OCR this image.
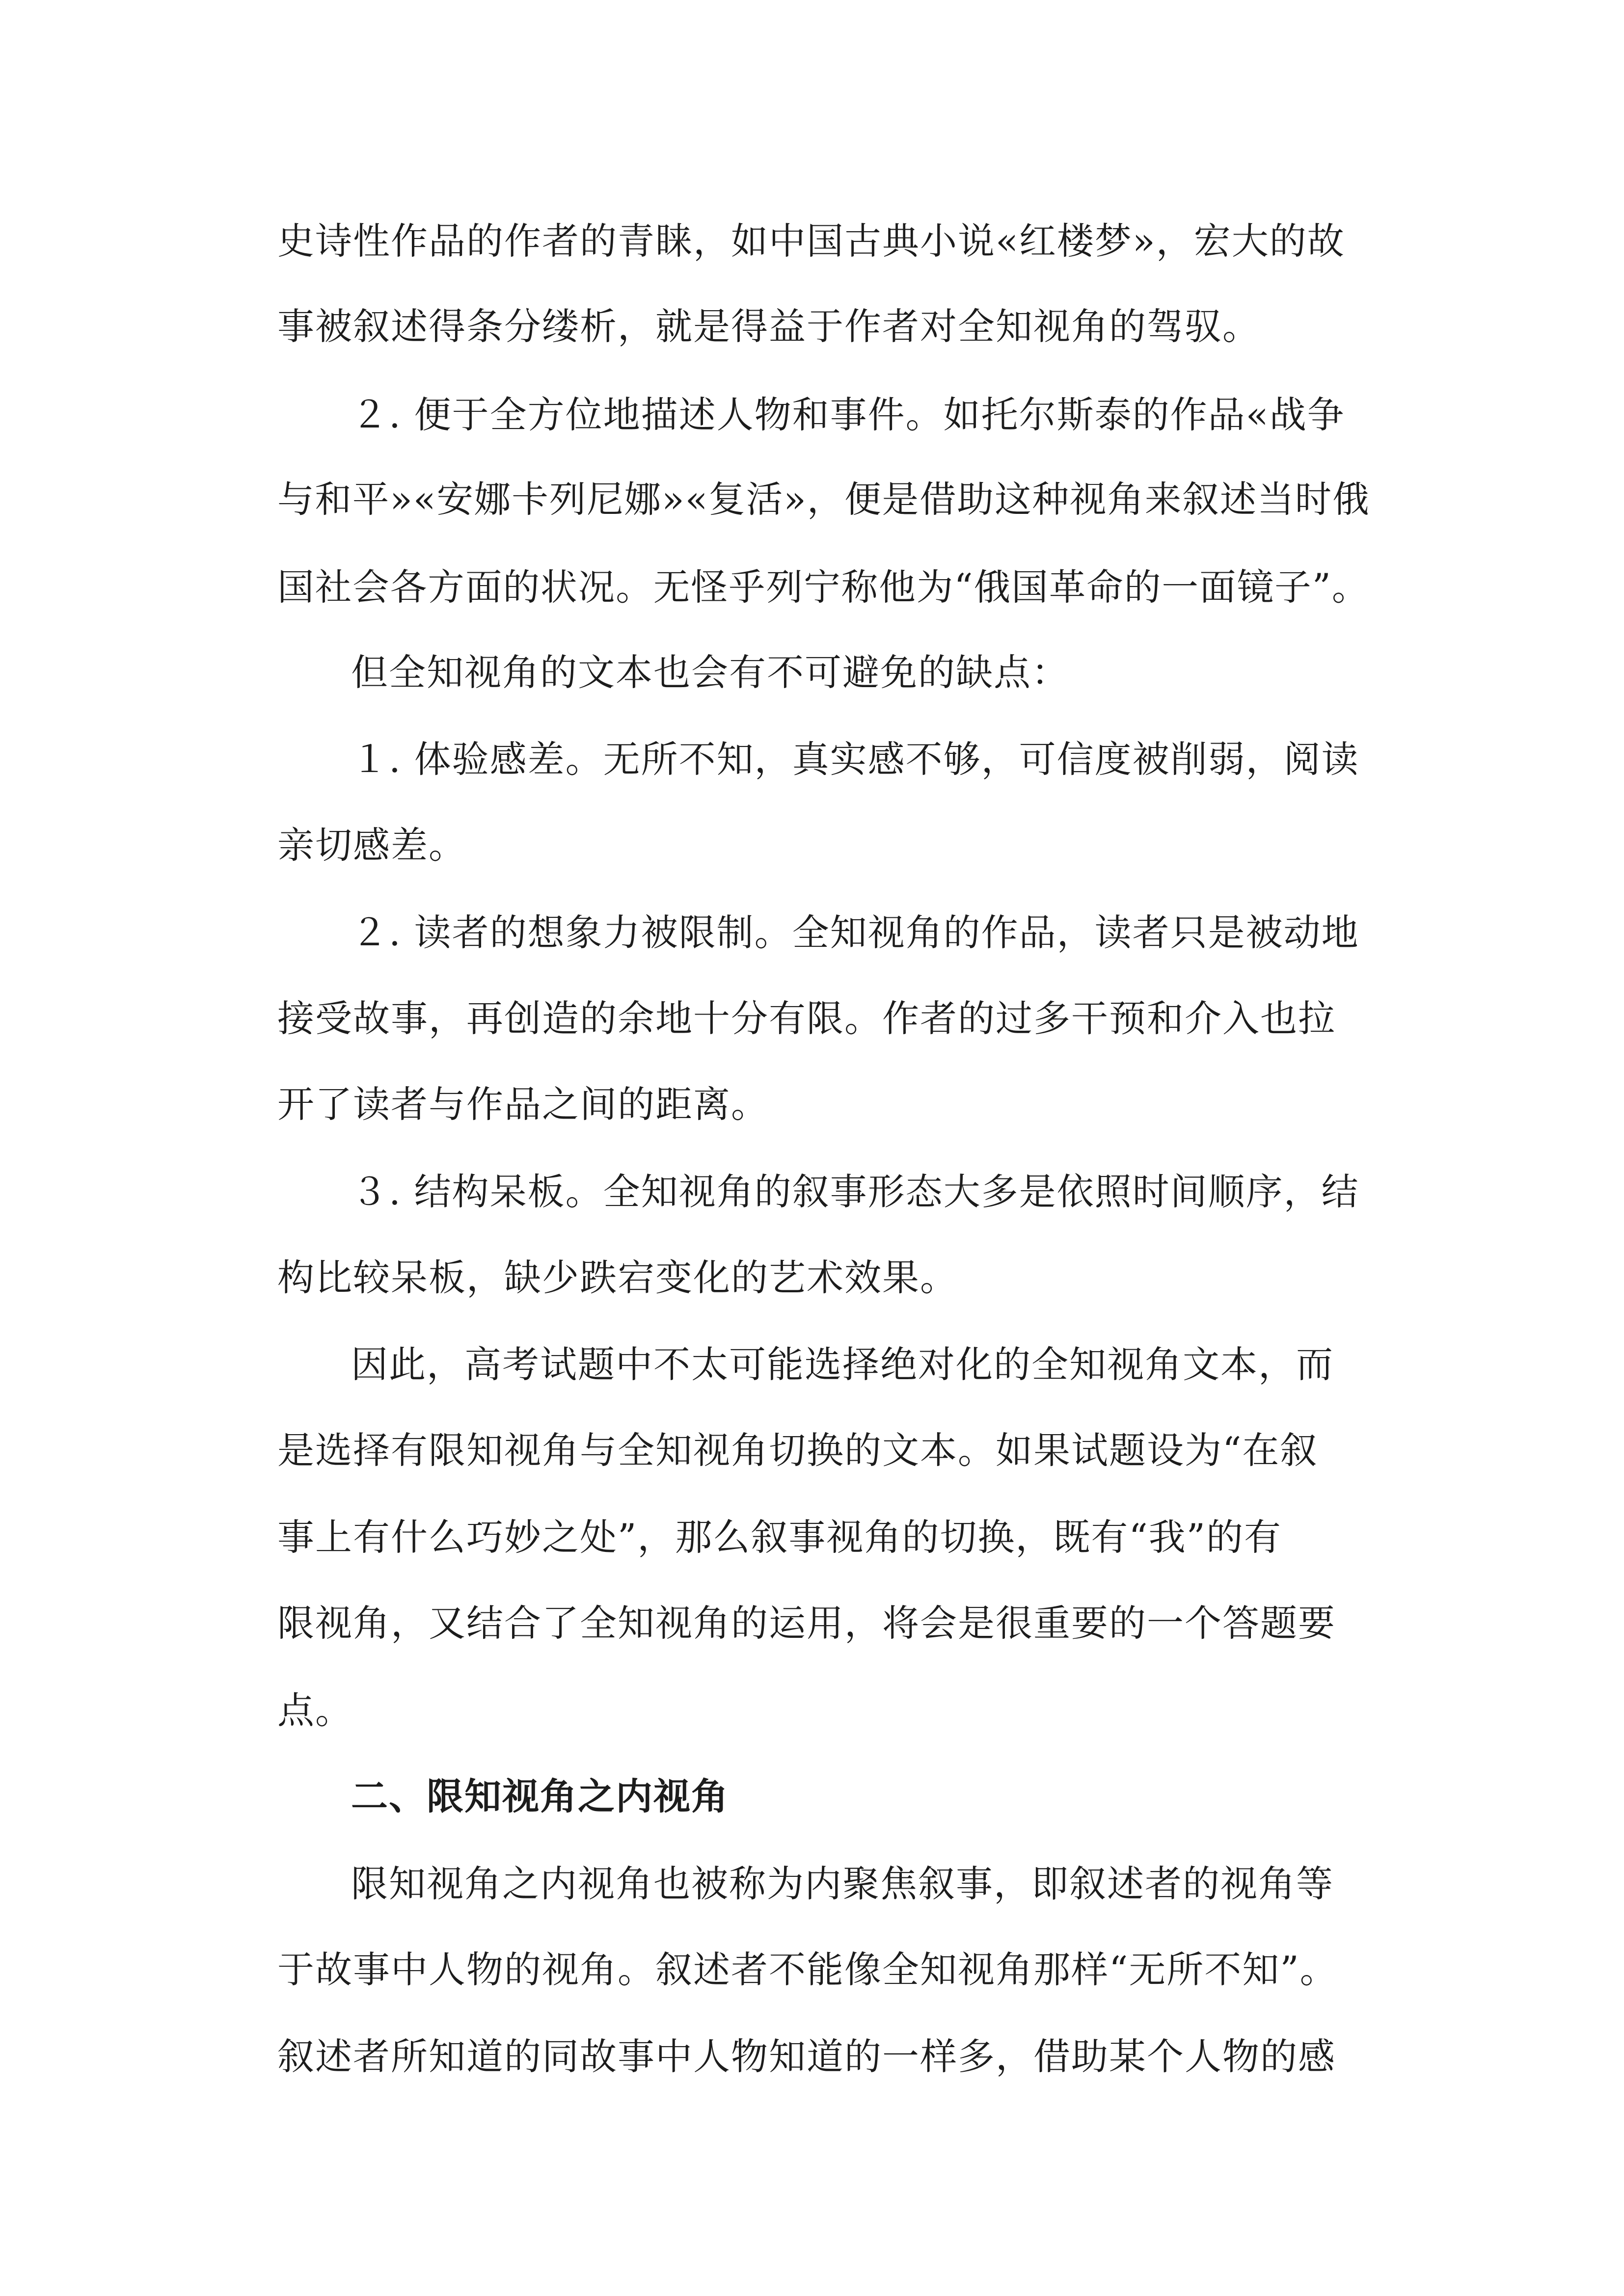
史诗性作品的作者的青睐，如中国古典小说«红楼梦»，宏大的故

事被叙述得条分缕析，就是得益于作者对全知视角的驾驭。

２. 便于全方位地描述人物和事件。如托尔斯泰的作品«战争

与和平»«安娜卡列尼娜»«复活»，便是借助这种视角来叙述当时俄

国社会各方面的状况。无怪乎列宁称他为“俄国革命的一面镜子”。

但全知视角的文本也会有不可避免的缺点：

１. 体验感差。无所不知，真实感不够，可信度被削弱，阅读

亲切感差。

２. 读者的想象力被限制。全知视角的作品，读者只是被动地

接受故事，再创造的余地十分有限。作者的过多干预和介入也拉

开了读者与作品之间的距离。

３. 结构呆板。全知视角的叙事形态大多是依照时间顺序，结

构比较呆板，缺少跌宕变化的艺术效果。

因此，高考试题中不太可能选择绝对化的全知视角文本，而

是选择有限知视角与全知视角切换的文本。如果试题设为“在叙

事上有什么巧妙之处”，那么叙事视角的切换，既有“我”的有

限视角，又结合了全知视角的运用，将会是很重要的一个答题要

点。

二、限知视角之内视角

限知视角之内视角也被称为内聚焦叙事，即叙述者的视角等

于故事中人物的视角。叙述者不能像全知视角那样“无所不知”。

叙述者所知道的同故事中人物知道的一样多，借助某个人物的感
